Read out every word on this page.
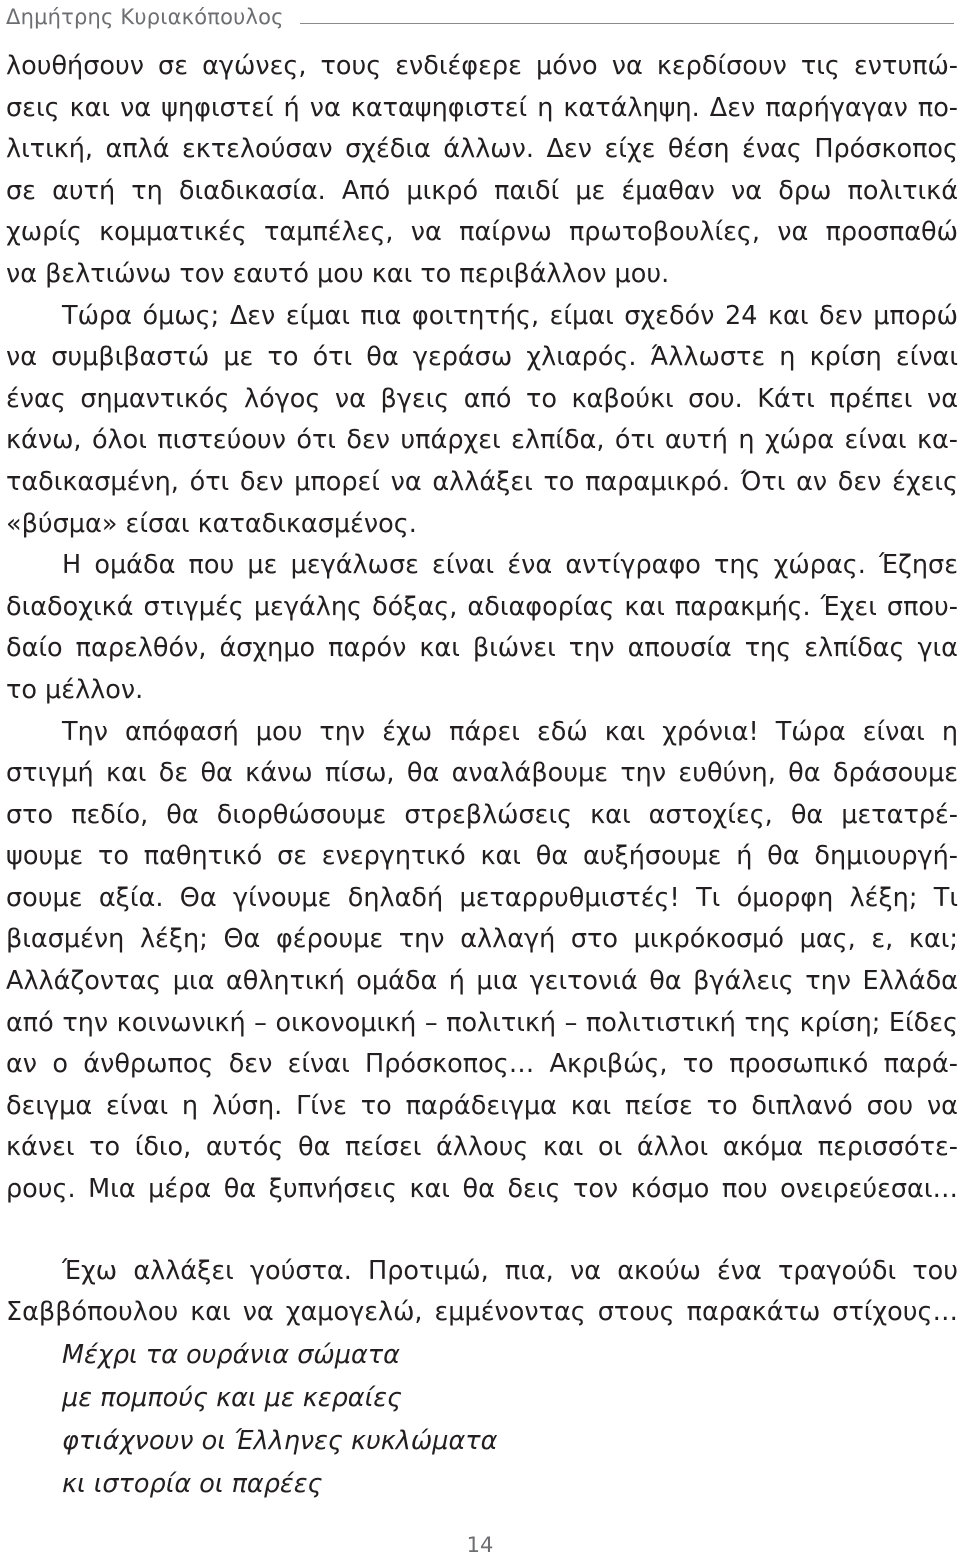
Δημήτρης Κυριακόπουλος
λουθήσουν σε αγώνες, τους ενδιέφερε μόνο να κερδίσουν τις εντυπώ-
σεις και να ψηφιστεί ή να καταψηφιστεί η κατάληψη. Δεν παρήγαγαν πο-
λιτική, απλά εκτελούσαν σχέδια άλλων. Δεν είχε θέση ένας Πρόσκοπος
σε αυτή τη διαδικασία. Από μικρό παιδί με έμαθαν να δρω πολιτικά
χωρίς κομματικές ταμπέλες, να παίρνω πρωτοβουλίες, να προσπαθώ
να βελτιώνω τον εαυτό μου και το περιβάλλον μου.
Τώρα όμως; Δεν είμαι πια φοιτητής, είμαι σχεδόν 24 και δεν μπορώ
να συμβιβαστώ με το ότι θα γεράσω χλιαρός. Άλλωστε η κρίση είναι
ένας σημαντικός λόγος να βγεις από το καβούκι σου. Κάτι πρέπει να
κάνω, όλοι πιστεύουν ότι δεν υπάρχει ελπίδα, ότι αυτή η χώρα είναι κα-
ταδικασμένη, ότι δεν μπορεί να αλλάξει το παραμικρό. Ότι αν δεν έχεις
«βύσμα» είσαι καταδικασμένος.
Η ομάδα που με μεγάλωσε είναι ένα αντίγραφο της χώρας. Έζησε
διαδοχικά στιγμές μεγάλης δόξας, αδιαφορίας και παρακμής. Έχει σπου-
δαίο παρελθόν, άσχημο παρόν και βιώνει την απουσία της ελπίδας για
το μέλλον.
Την απόφασή μου την έχω πάρει εδώ και χρόνια! Τώρα είναι η
στιγμή και δε θα κάνω πίσω, θα αναλάβουμε την ευθύνη, θα δράσουμε
στο πεδίο, θα διορθώσουμε στρεβλώσεις και αστοχίες, θα μετατρέ-
ψουμε το παθητικό σε ενεργητικό και θα αυξήσουμε ή θα δημιουργή-
σουμε αξία. Θα γίνουμε δηλαδή μεταρρυθμιστές! Τι όμορφη λέξη; Τι
βιασμένη λέξη; Θα φέρουμε την αλλαγή στο μικρόκοσμό μας, ε, και;
Αλλάζοντας μια αθλητική ομάδα ή μια γειτονιά θα βγάλεις την Ελλάδα
από την κοινωνική – οικονομική – πολιτική – πολιτιστική της κρίση; Είδες
αν ο άνθρωπος δεν είναι Πρόσκοπος… Ακριβώς, το προσωπικό παρά-
δειγμα είναι η λύση. Γίνε το παράδειγμα και πείσε το διπλανό σου να
κάνει το ίδιο, αυτός θα πείσει άλλους και οι άλλοι ακόμα περισσότε-
ρους. Μια μέρα θα ξυπνήσεις και θα δεις τον κόσμο που ονειρεύεσαι…
Έχω αλλάξει γούστα. Προτιμώ, πια, να ακούω ένα τραγούδι του
Σαββόπουλου και να χαμογελώ, εμμένοντας στους παρακάτω στίχους…
Μέχρι τα ουράνια σώματα
με πομπούς και με κεραίες
φτιάχνουν οι Έλληνες κυκλώματα
κι ιστορία οι παρέες
14
